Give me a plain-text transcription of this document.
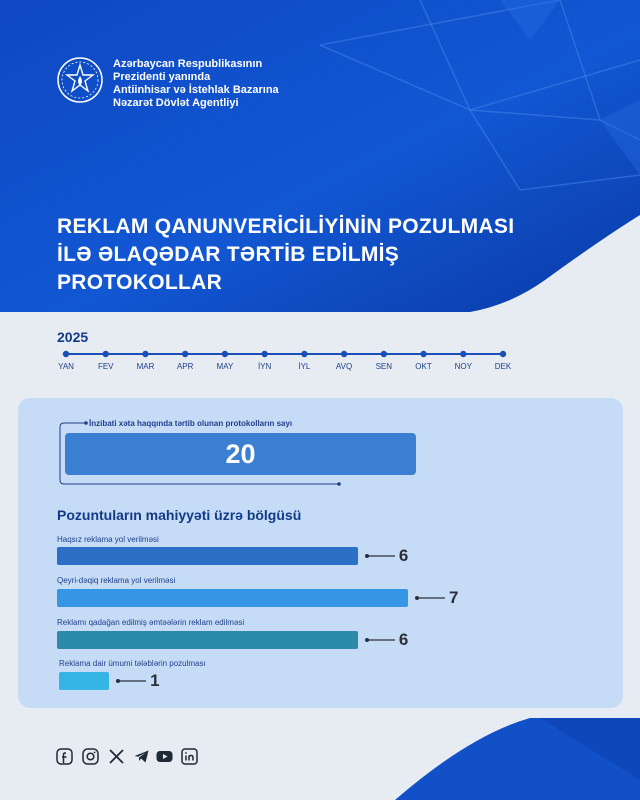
Azərbaycan Respublikasının
Prezidenti yanında
Antiinhisar və İstehlak Bazarına
Nəzarət Dövlət Agentliyi
REKLAM QANUNVERİCİLİYİNİN POZULMASI
İLƏ ƏLAQƏDAR TƏRTİB EDİLMİŞ
PROTOKOLLAR
2025
YAN	FEV	MAR	APR	MAY	İYN	İYL	AVQ	SEN	OKT	NOY	DEK
İnzibati xəta haqqında tərtib olunan protokolların sayı
20
Pozuntuların mahiyyəti üzrə bölgüsü
Haqsız reklama yol verilməsi
6
Qeyri-dəqiq reklama yol verilməsi
7
Reklamı qadağan edilmiş əmtəələrin reklam edilməsi
6
Reklama dair ümumi tələblərin pozulması
1
